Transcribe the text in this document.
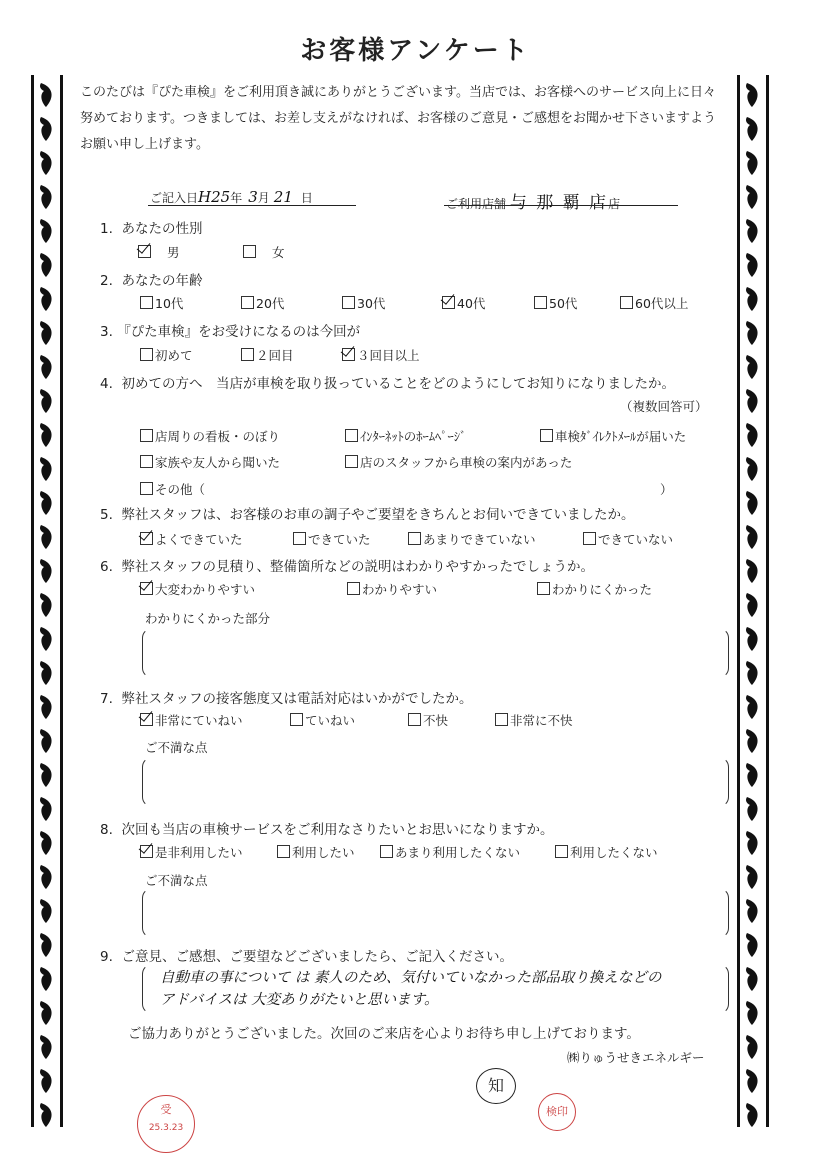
お客様アンケート
このたびは『ぴた車検』をご利用頂き誠にありがとうございます。当店では、お客様へのサービス向上に日々努めております。つきましては、お差し支えがなければ、お客様のご意見・ご感想をお聞かせ下さいますようお願い申し上げます。
ご記入日H25年 3月 21 日	ご利用店舗 与 那 覇 店店
1. あなたの性別
男	女
2. あなたの年齢
10代	20代	30代	40代	50代	60代以上
3. 『ぴた車検』をお受けになるのは今回が
初めて	２回目	３回目以上
4. 初めての方へ　当店が車検を取り扱っていることをどのようにしてお知りになりましたか。
（複数回答可）
店周りの看板・のぼり	ｲﾝﾀｰﾈｯﾄのﾎｰﾑﾍﾟｰｼﾞ	車検ﾀﾞｲﾚｸﾄﾒｰﾙが届いた
家族や友人から聞いた	店のスタッフから車検の案内があった
その他（	）
5. 弊社スタッフは、お客様のお車の調子やご要望をきちんとお伺いできていましたか。
よくできていた	できていた	あまりできていない	できていない
6. 弊社スタッフの見積り、整備箇所などの説明はわかりやすかったでしょうか。
大変わかりやすい	わかりやすい	わかりにくかった
わかりにくかった部分
7. 弊社スタッフの接客態度又は電話対応はいかがでしたか。
非常にていねい	ていねい	不快	非常に不快
ご不満な点
8. 次回も当店の車検サービスをご利用なさりたいとお思いになりますか。
是非利用したい	利用したい	あまり利用したくない	利用したくない
ご不満な点
9. ご意見、ご感想、ご要望などございましたら、ご記入ください。
自動車の事について は 素人のため、気付いていなかった部品取り換えなどの
アドバイスは 大変ありがたいと思います。
ご協力ありがとうございました。次回のご来店を心よりお待ち申し上げております。
㈱りゅうせきエネルギー
知
受
25.3.23
検印
